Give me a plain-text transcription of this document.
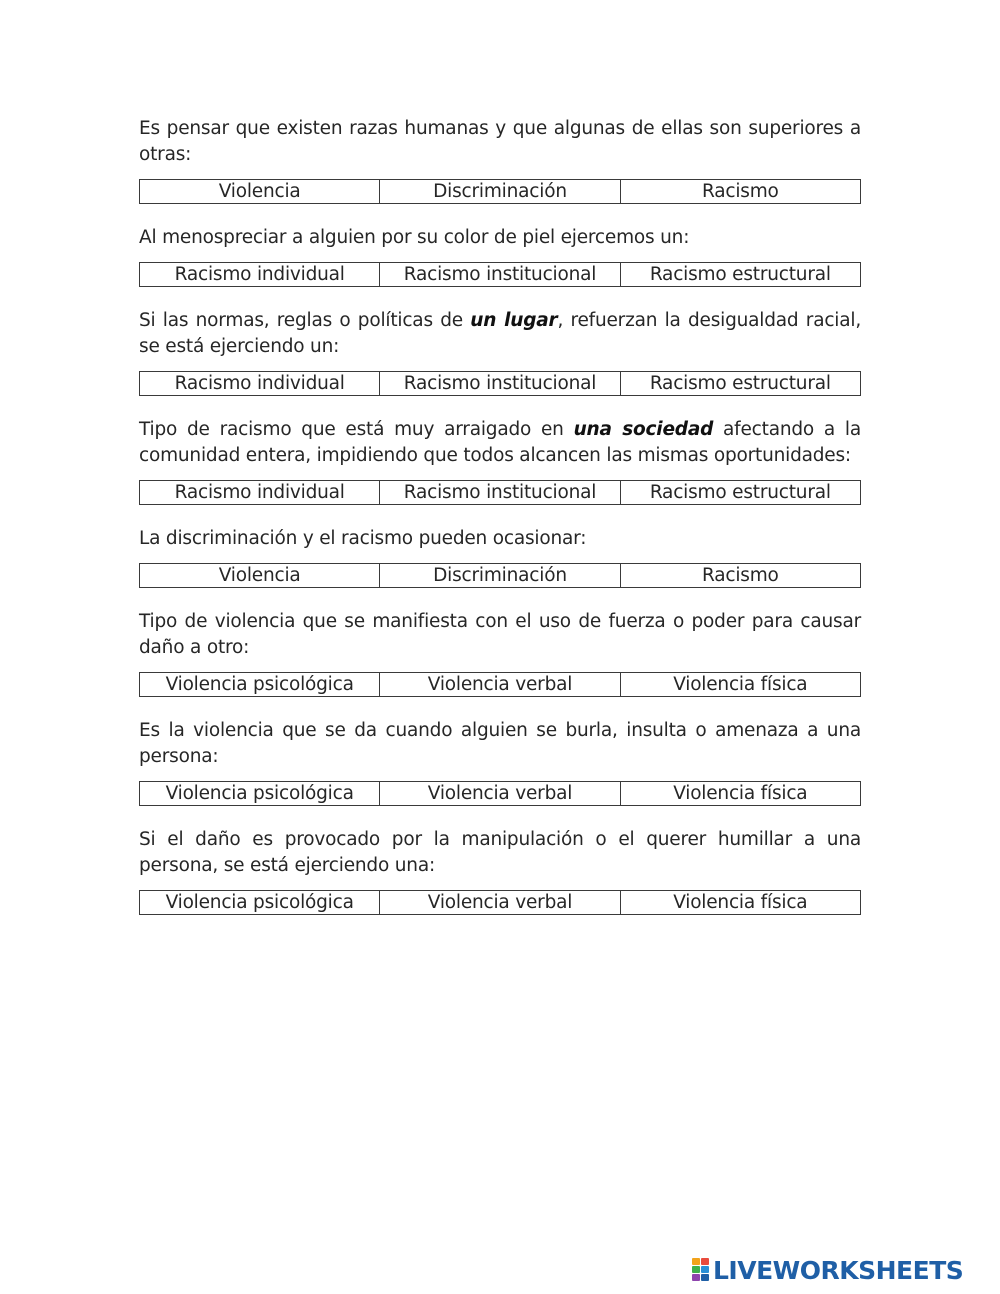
Es pensar que existen razas humanas y que algunas de ellas son superiores a otras:

Violencia	Discriminación	Racismo

Al menospreciar a alguien por su color de piel ejercemos un:

Racismo individual	Racismo institucional	Racismo estructural

Si las normas, reglas o políticas de un lugar, refuerzan la desigualdad racial, se está ejerciendo un:

Racismo individual	Racismo institucional	Racismo estructural

Tipo de racismo que está muy arraigado en una sociedad afectando a la comunidad entera, impidiendo que todos alcancen las mismas oportunidades:

Racismo individual	Racismo institucional	Racismo estructural

La discriminación y el racismo pueden ocasionar:

Violencia	Discriminación	Racismo

Tipo de violencia que se manifiesta con el uso de fuerza o poder para causar daño a otro:

Violencia psicológica	Violencia verbal	Violencia física

Es la violencia que se da cuando alguien se burla, insulta o amenaza a una persona:

Violencia psicológica	Violencia verbal	Violencia física

Si el daño es provocado por la manipulación o el querer humillar a una persona, se está ejerciendo una:

Violencia psicológica	Violencia verbal	Violencia física
LIVEWORKSHEETS
